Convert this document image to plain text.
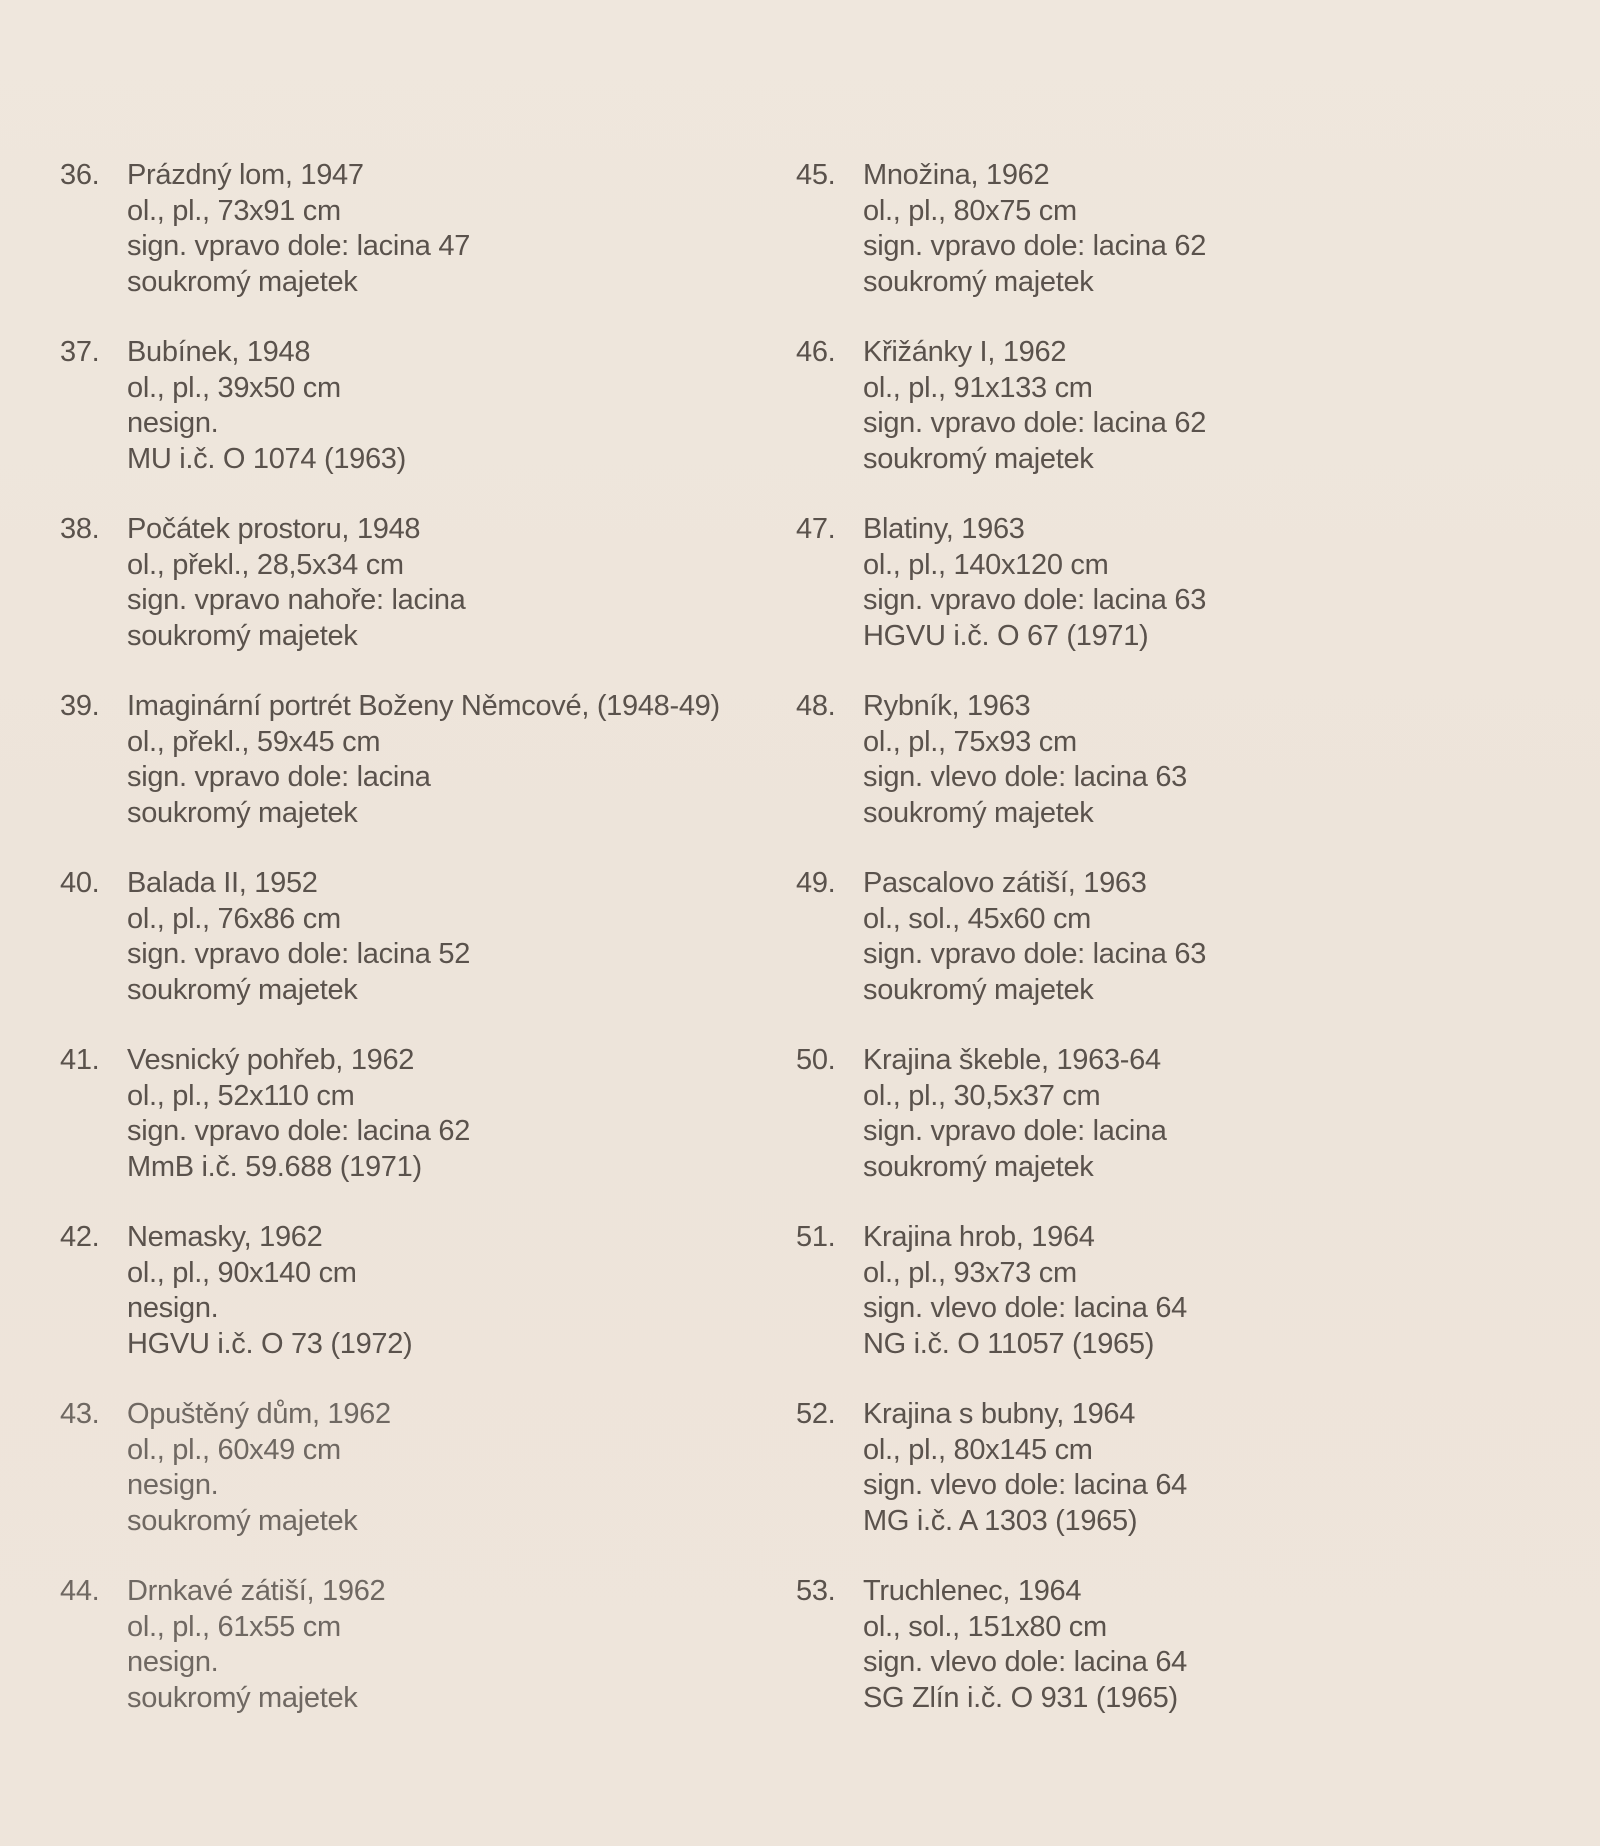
36. Prázdný lom, 1947
ol., pl., 73x91 cm
sign. vpravo dole: lacina 47
soukromý majetek
37. Bubínek, 1948
ol., pl., 39x50 cm
nesign.
MU i.č. O 1074 (1963)
38. Počátek prostoru, 1948
ol., překl., 28,5x34 cm
sign. vpravo nahoře: lacina
soukromý majetek
39. Imaginární portrét Boženy Němcové, (1948-49)
ol., překl., 59x45 cm
sign. vpravo dole: lacina
soukromý majetek
40. Balada II, 1952
ol., pl., 76x86 cm
sign. vpravo dole: lacina 52
soukromý majetek
41. Vesnický pohřeb, 1962
ol., pl., 52x110 cm
sign. vpravo dole: lacina 62
MmB i.č. 59.688 (1971)
42. Nemasky, 1962
ol., pl., 90x140 cm
nesign.
HGVU i.č. O 73 (1972)
43. Opuštěný dům, 1962
ol., pl., 60x49 cm
nesign.
soukromý majetek
44. Drnkavé zátiší, 1962
ol., pl., 61x55 cm
nesign.
soukromý majetek
45. Množina, 1962
ol., pl., 80x75 cm
sign. vpravo dole: lacina 62
soukromý majetek
46. Křižánky I, 1962
ol., pl., 91x133 cm
sign. vpravo dole: lacina 62
soukromý majetek
47. Blatiny, 1963
ol., pl., 140x120 cm
sign. vpravo dole: lacina 63
HGVU i.č. O 67 (1971)
48. Rybník, 1963
ol., pl., 75x93 cm
sign. vlevo dole: lacina 63
soukromý majetek
49. Pascalovo zátiší, 1963
ol., sol., 45x60 cm
sign. vpravo dole: lacina 63
soukromý majetek
50. Krajina škeble, 1963-64
ol., pl., 30,5x37 cm
sign. vpravo dole: lacina
soukromý majetek
51. Krajina hrob, 1964
ol., pl., 93x73 cm
sign. vlevo dole: lacina 64
NG i.č. O 11057 (1965)
52. Krajina s bubny, 1964
ol., pl., 80x145 cm
sign. vlevo dole: lacina 64
MG i.č. A 1303 (1965)
53. Truchlenec, 1964
ol., sol., 151x80 cm
sign. vlevo dole: lacina 64
SG Zlín i.č. O 931 (1965)
